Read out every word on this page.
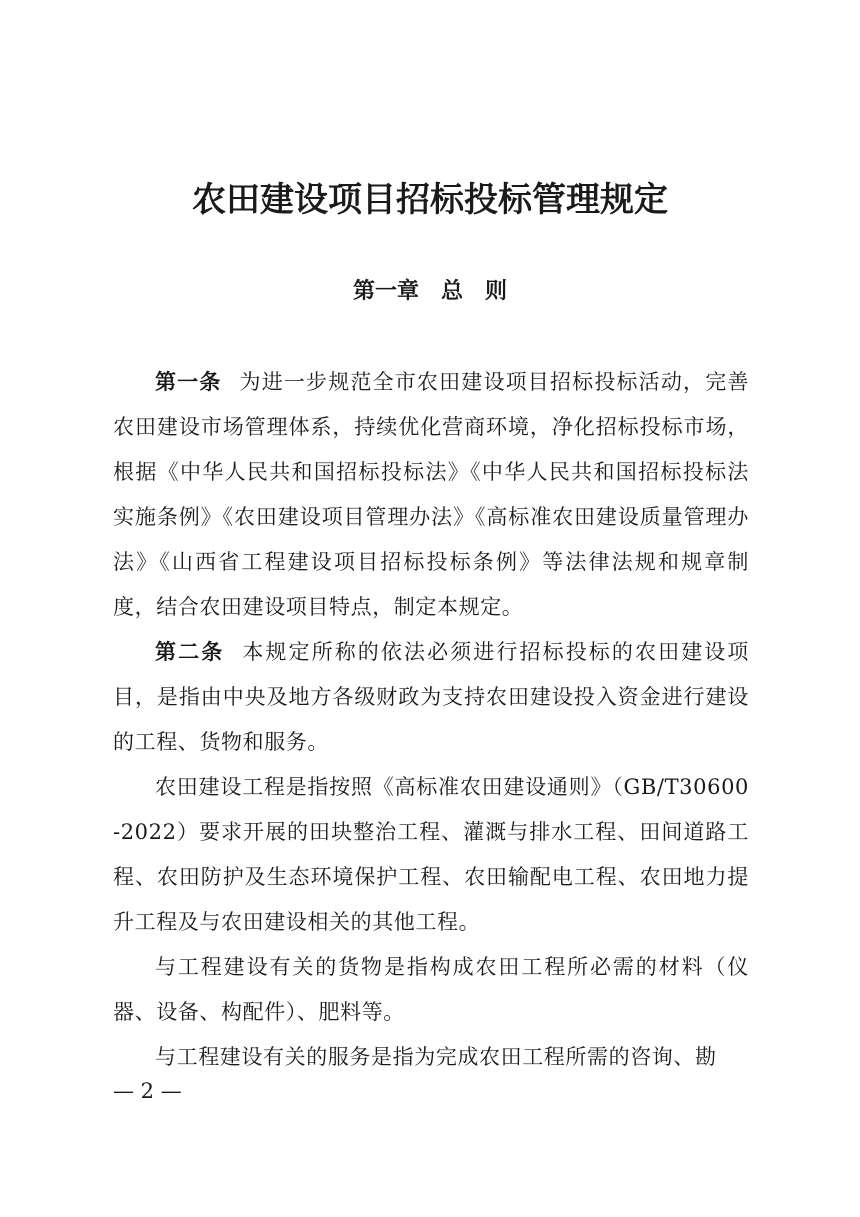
农田建设项目招标投标管理规定
第一章　总　则

第一条 为进一步规范全市农田建设项目招标投标活动，完善农田建设市场管理体系，持续优化营商环境，净化招标投标市场，根据《中华人民共和国招标投标法》《中华人民共和国招标投标法实施条例》《农田建设项目管理办法》《高标准农田建设质量管理办法》《山西省工程建设项目招标投标条例》等法律法规和规章制度，结合农田建设项目特点，制定本规定。

第二条 本规定所称的依法必须进行招标投标的农田建设项目，是指由中央及地方各级财政为支持农田建设投入资金进行建设的工程、货物和服务。

农田建设工程是指按照《高标准农田建设通则》（GB/T30600-2022）要求开展的田块整治工程、灌溉与排水工程、田间道路工程、农田防护及生态环境保护工程、农田输配电工程、农田地力提升工程及与农田建设相关的其他工程。

与工程建设有关的货物是指构成农田工程所必需的材料（仪器、设备、构配件）、肥料等。

与工程建设有关的服务是指为完成农田工程所需的咨询、勘

— 2 —
